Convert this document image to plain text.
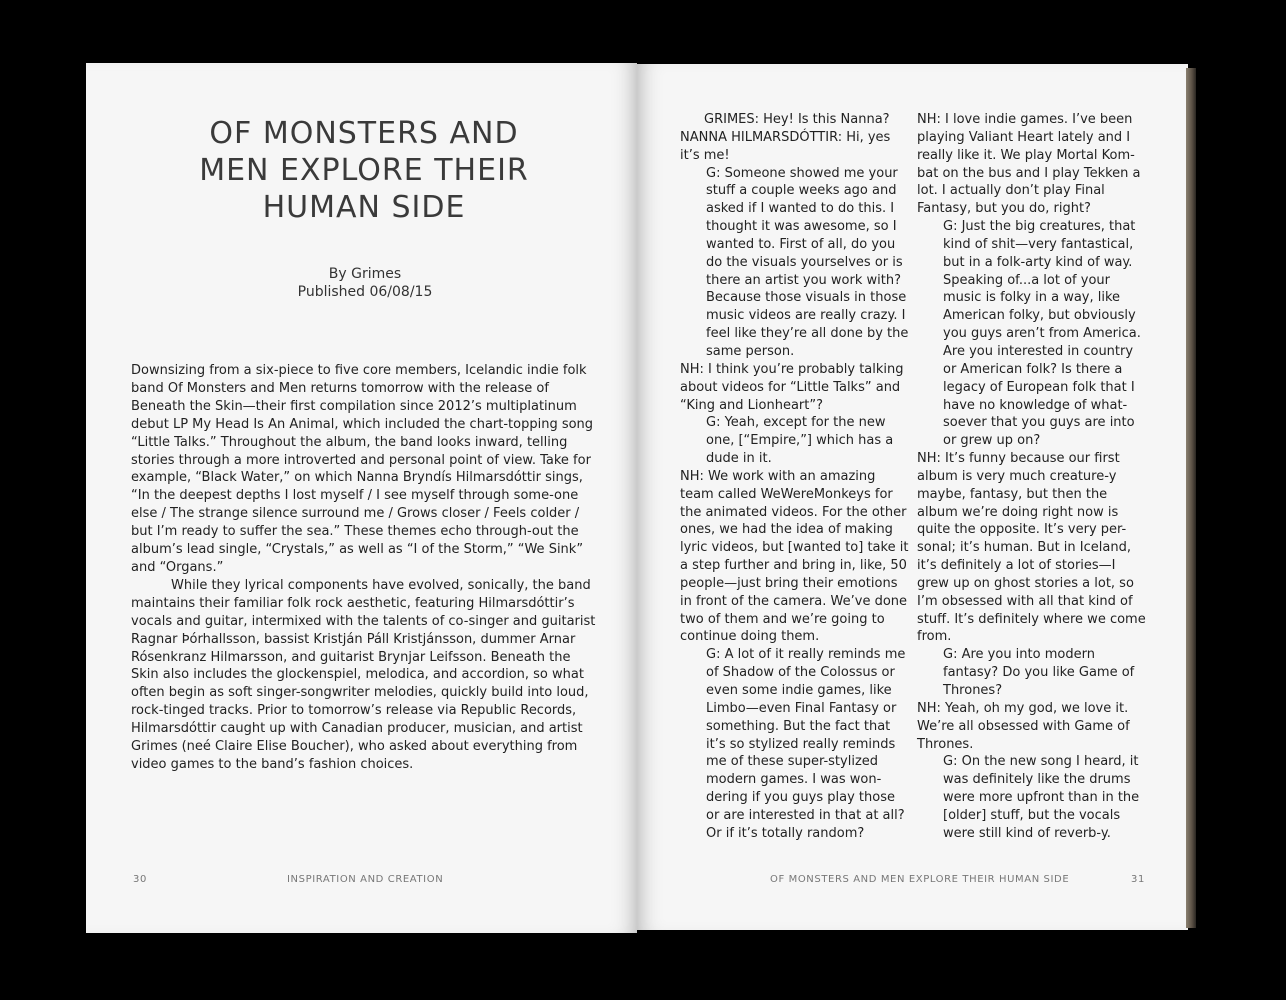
OF MONSTERS AND
MEN EXPLORE THEIR
HUMAN SIDE
By Grimes
Published 06/08/15

Downsizing from a six-piece to five core members, Icelandic indie folk band Of Monsters and Men returns tomorrow with the release of Beneath the Skin—their first compilation since 2012’s multiplatinum debut LP My Head Is An Animal, which included the chart-topping song “Little Talks.” Throughout the album, the band looks inward, telling stories through a more introverted and personal point of view. Take for example, “Black Water,” on which Nanna Bryndís Hilmarsdóttir sings, “In the deepest depths I lost myself / I see myself through some-one else / The strange silence surround me / Grows closer / Feels colder / but I’m ready to suffer the sea.” These themes echo through-out the album’s lead single, “Crystals,” as well as “I of the Storm,” “We Sink” and “Organs.”

While they lyrical components have evolved, sonically, the band maintains their familiar folk rock aesthetic, featuring Hilmarsdóttir’s vocals and guitar, intermixed with the talents of co-singer and guitarist Ragnar Þórhallsson, bassist Kristján Páll Kristjánsson, dummer Arnar Rósenkranz Hilmarsson, and guitarist Brynjar Leifsson. Beneath the Skin also includes the glockenspiel, melodica, and accordion, so what often begin as soft singer-songwriter melodies, quickly build into loud, rock-tinged tracks. Prior to tomorrow’s release via Republic Records, Hilmarsdóttir caught up with Canadian producer, musician, and artist Grimes (neé Claire Elise Boucher), who asked about everything from video games to the band’s fashion choices.

30	INSPIRATION AND CREATION

GRIMES: Hey! Is this Nanna?

NANNA HILMARSDÓTTIR: Hi, yes it’s me!

G: Someone showed me your stuff a couple weeks ago and asked if I wanted to do this. I thought it was awesome, so I wanted to. First of all, do you do the visuals yourselves or is there an artist you work with? Because those visuals in those music videos are really crazy. I feel like they’re all done by the same person.

NH: I think you’re probably talking about videos for “Little Talks” and “King and Lionheart”?

G: Yeah, except for the new one, [“Empire,”] which has a dude in it.

NH: We work with an amazing team called WeWereMonkeys for the animated videos. For the other ones, we had the idea of making lyric videos, but [wanted to] take it a step further and bring in, like, 50 people—just bring their emotions in front of the camera. We’ve done two of them and we’re going to continue doing them.

G: A lot of it really reminds me of Shadow of the Colossus or even some indie games, like Limbo—even Final Fantasy or something. But the fact that it’s so stylized really reminds me of these super-stylized modern games. I was won-dering if you guys play those or are interested in that at all? Or if it’s totally random?

NH: I love indie games. I’ve been playing Valiant Heart lately and I really like it. We play Mortal Kom-bat on the bus and I play Tekken a lot. I actually don’t play Final Fantasy, but you do, right?

G: Just the big creatures, that kind of shit—very fantastical, but in a folk-arty kind of way. Speaking of...a lot of your music is folky in a way, like American folky, but obviously you guys aren’t from America. Are you interested in country or American folk? Is there a legacy of European folk that I have no knowledge of what-soever that you guys are into or grew up on?

NH: It’s funny because our first album is very much creature-y maybe, fantasy, but then the album we’re doing right now is quite the opposite. It’s very per-sonal; it’s human. But in Iceland, it’s definitely a lot of stories—I grew up on ghost stories a lot, so I’m obsessed with all that kind of stuff. It’s definitely where we come from.

G: Are you into modern fantasy? Do you like Game of Thrones?

NH: Yeah, oh my god, we love it. We’re all obsessed with Game of Thrones.

G: On the new song I heard, it was definitely like the drums were more upfront than in the [older] stuff, but the vocals were still kind of reverb-y.

OF MONSTERS AND MEN EXPLORE THEIR HUMAN SIDE	31
